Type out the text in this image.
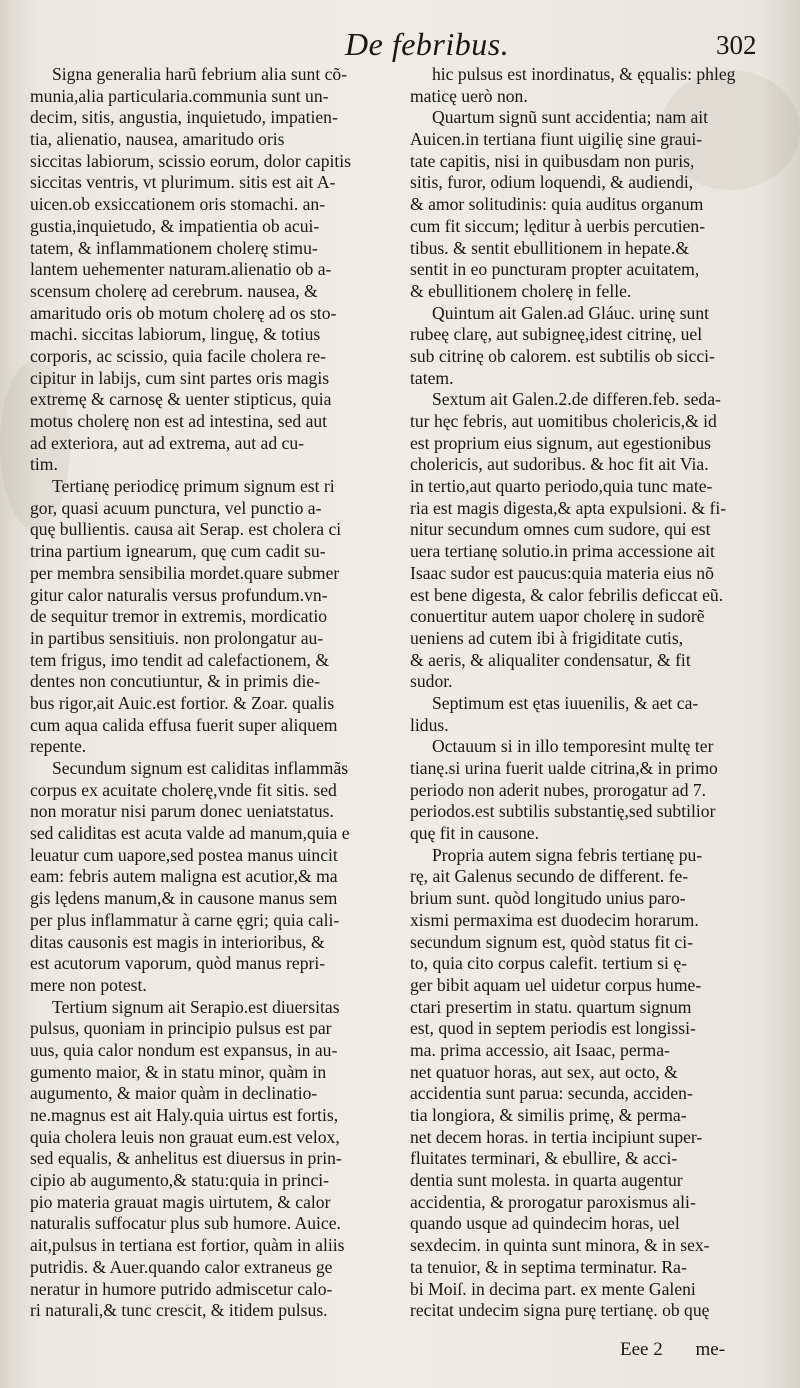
De febribus.	302
Signa generalia harũ febrium alia sunt cõ-
munia,alia particularia.communia sunt un-
decim, sitis, angustia, inquietudo, impatien-
tia, alienatio, nausea, amaritudo oris
siccitas labiorum, scissio eorum, dolor capitis
siccitas ventris, vt plurimum. sitis est ait A-
uicen.ob exsiccationem oris stomachi. an-
gustia,inquietudo, & impatientia ob acui-
tatem, & inflammationem cholerę stimu-
lantem uehementer naturam.alienatio ob a-
scensum cholerę ad cerebrum. nausea, &
amaritudo oris ob motum cholerę ad os sto-
machi. siccitas labiorum, linguę, & totius
corporis, ac scissio, quia facile cholera re-
cipitur in labijs, cum sint partes oris magis
extremę & carnosę & uenter stipticus, quia
motus cholerę non est ad intestina, sed aut
ad exteriora, aut ad extrema, aut ad cu-
tim.
Tertianę periodicę primum signum est ri
gor, quasi acuum punctura, vel punctio a-
quę bullientis. causa ait Serap. est cholera ci
trina partium ignearum, quę cum cadit su-
per membra sensibilia mordet.quare submer
gitur calor naturalis versus profundum.vn-
de sequitur tremor in extremis, mordicatio
in partibus sensitiuis. non prolongatur au-
tem frigus, imo tendit ad calefactionem, &
dentes non concutiuntur, & in primis die-
bus rigor,ait Auic.est fortior. & Zoar. qualis
cum aqua calida effusa fuerit super aliquem
repente.
Secundum signum est caliditas inflammãs
corpus ex acuitate cholerę,vnde fit sitis. sed
non moratur nisi parum donec ueniatstatus.
sed caliditas est acuta valde ad manum,quia e
leuatur cum uapore,sed postea manus uincit
eam: febris autem maligna est acutior,& ma
gis lędens manum,& in causone manus sem
per plus inflammatur à carne ęgri; quia cali-
ditas causonis est magis in interioribus, &
est acutorum vaporum, quòd manus repri-
mere non potest.
Tertium signum ait Serapio.est diuersitas
pulsus, quoniam in principio pulsus est par
uus, quia calor nondum est expansus, in au-
gumento maior, & in statu minor, quàm in
augumento, & maior quàm in declinatio-
ne.magnus est ait Haly.quia uirtus est fortis,
quia cholera leuis non grauat eum.est velox,
sed equalis, & anhelitus est diuersus in prin-
cipio ab augumento,& statu:quia in princi-
pio materia grauat magis uirtutem, & calor
naturalis suffocatur plus sub humore. Auice.
ait,pulsus in tertiana est fortior, quàm in aliis
putridis. & Auer.quando calor extraneus ge
neratur in humore putrido admiscetur calo-
ri naturali,& tunc crescit, & itidem pulsus.
hic pulsus est inordinatus, & ęqualis: phleg
maticę uerò non.
Quartum signũ sunt accidentia; nam ait
Auicen.in tertiana fiunt uigilię sine graui-
tate capitis, nisi in quibusdam non puris,
sitis, furor, odium loquendi, & audiendi,
& amor solitudinis: quia auditus organum
cum fit siccum; lęditur à uerbis percutien-
tibus. & sentit ebullitionem in hepate.&
sentit in eo puncturam propter acuitatem,
& ebullitionem cholerę in felle.
Quintum ait Galen.ad Gláuc. urinę sunt
rubeę clarę, aut subigneę,idest citrinę, uel
sub citrinę ob calorem. est subtilis ob sicci-
tatem.
Sextum ait Galen.2.de differen.feb. seda-
tur hęc febris, aut uomitibus cholericis,& id
est proprium eius signum, aut egestionibus
cholericis, aut sudoribus. & hoc fit ait Via.
in tertio,aut quarto periodo,quia tunc mate-
ria est magis digesta,& apta expulsioni. & fi-
nitur secundum omnes cum sudore, qui est
uera tertianę solutio.in prima accessione ait
Isaac sudor est paucus:quia materia eius nõ
est bene digesta, & calor febrilis deficcat eũ.
conuertitur autem uapor cholerę in sudorẽ
ueniens ad cutem ibi à frigiditate cutis,
& aeris, & aliqualiter condensatur, & fit
sudor.
Septimum est ętas iuuenilis, & aet ca-
lidus.
Octauum si in illo temporesint multę ter
tianę.si urina fuerit ualde citrina,& in primo
periodo non aderit nubes, prorogatur ad 7.
periodos.est subtilis substantię,sed subtilior
quę fit in causone.
Propria autem signa febris tertianę pu-
rę, ait Galenus secundo de different. fe-
brium sunt. quòd longitudo unius paro-
xismi permaxima est duodecim horarum.
secundum signum est, quòd status fit ci-
to, quia cito corpus calefit. tertium si ę-
ger bibit aquam uel uidetur corpus hume-
ctari presertim in statu. quartum signum
est, quod in septem periodis est longissi-
ma. prima accessio, ait Isaac, perma-
net quatuor horas, aut sex, aut octo, &
accidentia sunt parua: secunda, acciden-
tia longiora, & similis primę, & perma-
net decem horas. in tertia incipiunt super-
fluitates terminari, & ebullire, & acci-
dentia sunt molesta. in quarta augentur
accidentia, & prorogatur paroxismus ali-
quando usque ad quindecim horas, uel
sexdecim. in quinta sunt minora, & in sex-
ta tenuior, & in septima terminatur. Ra-
bi Moiſ. in decima part. ex mente Galeni
recitat undecim signa purę tertianę. ob quę
Eee 2 me-
